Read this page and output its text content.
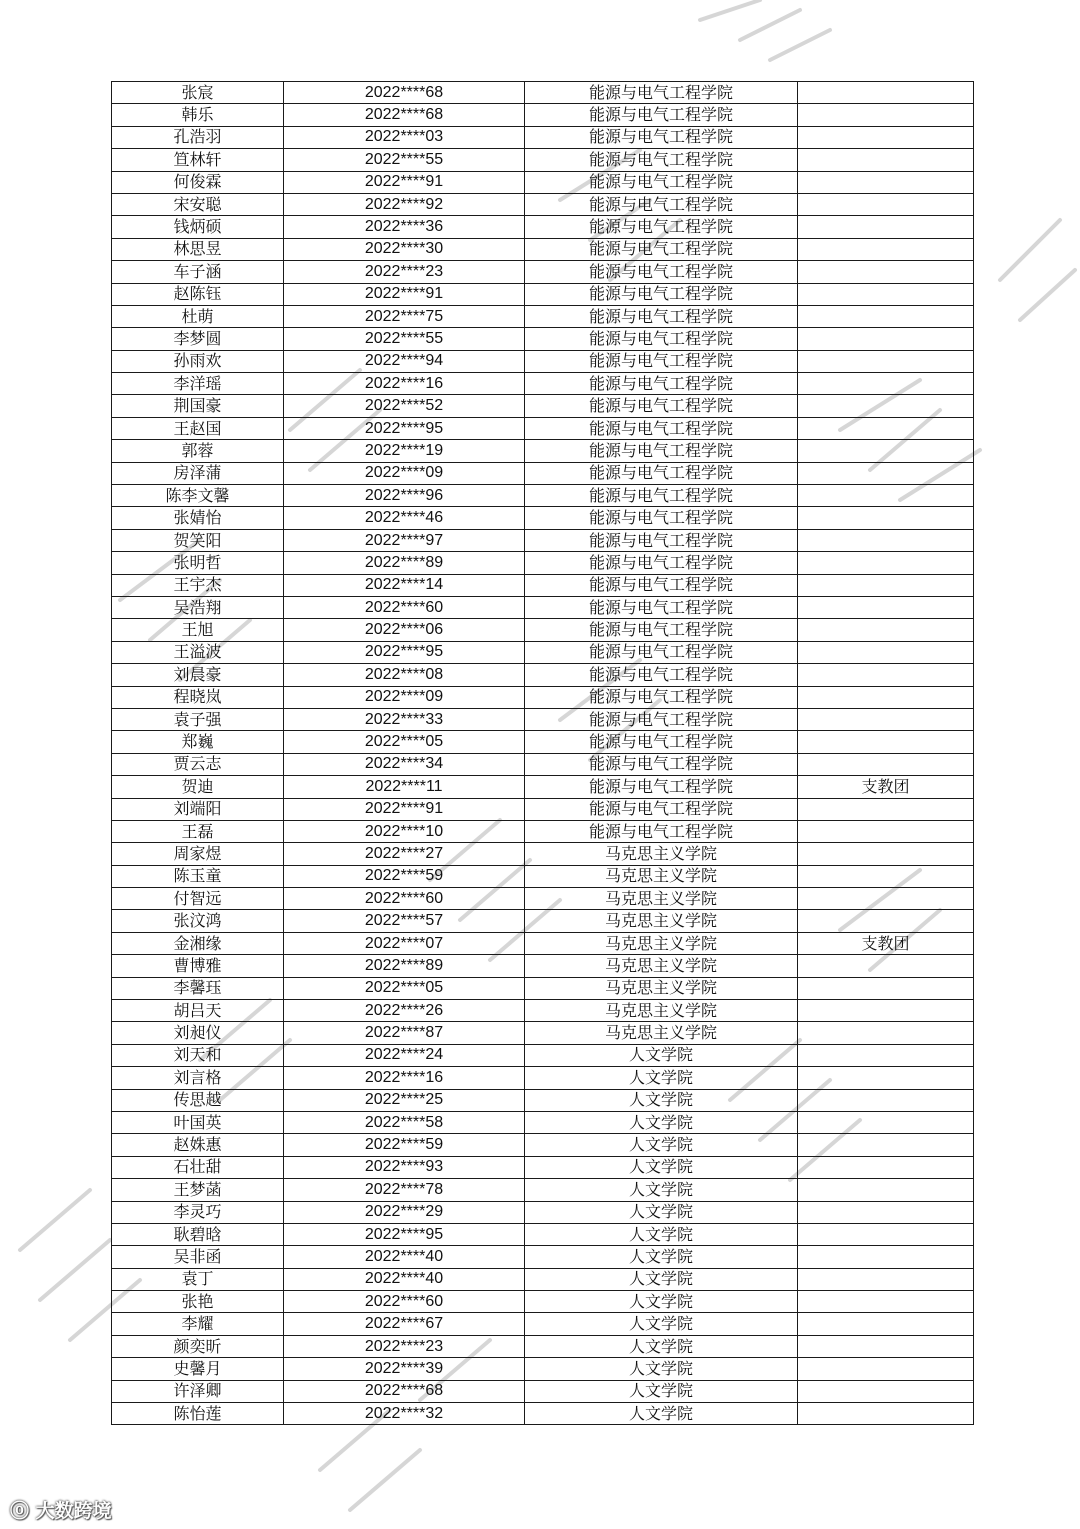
张宸	2022****68	能源与电气工程学院	
韩乐	2022****68	能源与电气工程学院	
孔浩羽	2022****03	能源与电气工程学院	
笪林轩	2022****55	能源与电气工程学院	
何俊霖	2022****91	能源与电气工程学院	
宋安聪	2022****92	能源与电气工程学院	
钱炳硕	2022****36	能源与电气工程学院	
林思昱	2022****30	能源与电气工程学院	
车子涵	2022****23	能源与电气工程学院	
赵陈钰	2022****91	能源与电气工程学院	
杜萌	2022****75	能源与电气工程学院	
李梦圆	2022****55	能源与电气工程学院	
孙雨欢	2022****94	能源与电气工程学院	
李洋瑶	2022****16	能源与电气工程学院	
荆国豪	2022****52	能源与电气工程学院	
王赵国	2022****95	能源与电气工程学院	
郭蓉	2022****19	能源与电气工程学院	
房泽蒲	2022****09	能源与电气工程学院	
陈李文馨	2022****96	能源与电气工程学院	
张婧怡	2022****46	能源与电气工程学院	
贺笑阳	2022****97	能源与电气工程学院	
张明哲	2022****89	能源与电气工程学院	
王宇杰	2022****14	能源与电气工程学院	
吴浩翔	2022****60	能源与电气工程学院	
王旭	2022****06	能源与电气工程学院	
王溢波	2022****95	能源与电气工程学院	
刘晨豪	2022****08	能源与电气工程学院	
程晓岚	2022****09	能源与电气工程学院	
袁子强	2022****33	能源与电气工程学院	
郑巍	2022****05	能源与电气工程学院	
贾云志	2022****34	能源与电气工程学院	
贺迪	2022****11	能源与电气工程学院	支教团
刘端阳	2022****91	能源与电气工程学院	
王磊	2022****10	能源与电气工程学院	
周家煜	2022****27	马克思主义学院	
陈玉童	2022****59	马克思主义学院	
付智远	2022****60	马克思主义学院	
张汶鸿	2022****57	马克思主义学院	
金湘缘	2022****07	马克思主义学院	支教团
曹博雅	2022****89	马克思主义学院	
李馨珏	2022****05	马克思主义学院	
胡吕天	2022****26	马克思主义学院	
刘昶仪	2022****87	马克思主义学院	
刘天和	2022****24	人文学院	
刘言格	2022****16	人文学院	
传思越	2022****25	人文学院	
叶国英	2022****58	人文学院	
赵姝惠	2022****59	人文学院	
石壮甜	2022****93	人文学院	
王梦菡	2022****78	人文学院	
李灵巧	2022****29	人文学院	
耿碧晗	2022****95	人文学院	
吴非函	2022****40	人文学院	
袁丁	2022****40	人文学院	
张艳	2022****60	人文学院	
李耀	2022****67	人文学院	
颜奕昕	2022****23	人文学院	
史馨月	2022****39	人文学院	
许泽卿	2022****68	人文学院	
陈怡莲	2022****32	人文学院	
ⓞ 大数跨境
